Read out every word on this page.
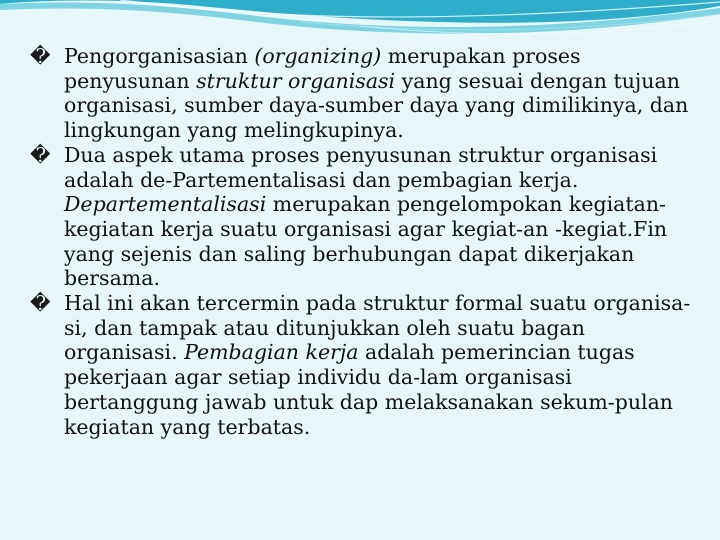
� Pengorganisasian (organizing) merupakan proses penyusunan struktur organisasi yang sesuai dengan tujuan organisasi, sumber daya-sumber daya yang dimilikinya, dan lingkungan yang melingkupinya.

� Dua aspek utama proses penyusunan struktur organisasi adalah de-Partementalisasi dan pembagian kerja. Departementalisasi merupakan pengelompokan kegiatan-kegiatan kerja suatu organisasi agar kegiat-an -kegiat.Fin yang sejenis dan saling berhubungan dapat dikerjakan bersama.

� Hal ini akan tercermin pada struktur formal suatu organisa-si, dan tampak atau ditunjukkan oleh suatu bagan organisasi. Pembagian kerja adalah pemerincian tugas pekerjaan agar setiap individu da-lam organisasi bertanggung jawab untuk dap melaksanakan sekum-pulan kegiatan yang terbatas.
